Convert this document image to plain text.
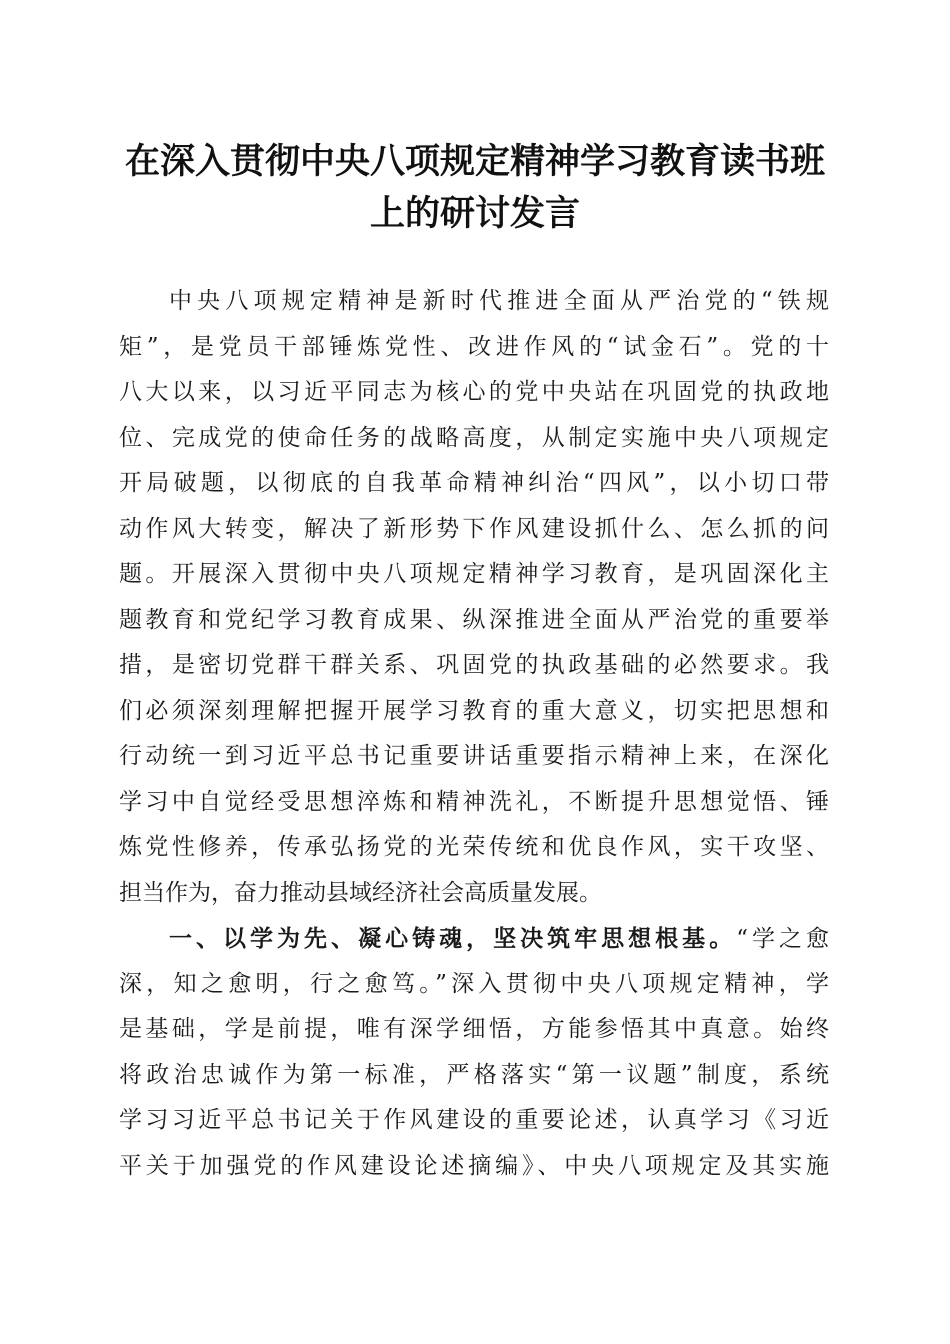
在深入贯彻中央八项规定精神学习教育读书班
上的研讨发言
中央八项规定精神是新时代推进全面从严治党的“铁规
矩”，是党员干部锤炼党性、改进作风的“试金石”。党的十
八大以来，以习近平同志为核心的党中央站在巩固党的执政地
位、完成党的使命任务的战略高度，从制定实施中央八项规定
开局破题，以彻底的自我革命精神纠治“四风”，以小切口带
动作风大转变，解决了新形势下作风建设抓什么、怎么抓的问
题。开展深入贯彻中央八项规定精神学习教育，是巩固深化主
题教育和党纪学习教育成果、纵深推进全面从严治党的重要举
措，是密切党群干群关系、巩固党的执政基础的必然要求。我
们必须深刻理解把握开展学习教育的重大意义，切实把思想和
行动统一到习近平总书记重要讲话重要指示精神上来，在深化
学习中自觉经受思想淬炼和精神洗礼，不断提升思想觉悟、锤
炼党性修养，传承弘扬党的光荣传统和优良作风，实干攻坚、
担当作为，奋力推动县域经济社会高质量发展。
一、以学为先、凝心铸魂，坚决筑牢思想根基。“学之愈
深，知之愈明，行之愈笃。”深入贯彻中央八项规定精神，学
是基础，学是前提，唯有深学细悟，方能参悟其中真意。始终
将政治忠诚作为第一标准，严格落实“第一议题”制度，系统
学习习近平总书记关于作风建设的重要论述，认真学习《习近
平关于加强党的作风建设论述摘编》、中央八项规定及其实施
